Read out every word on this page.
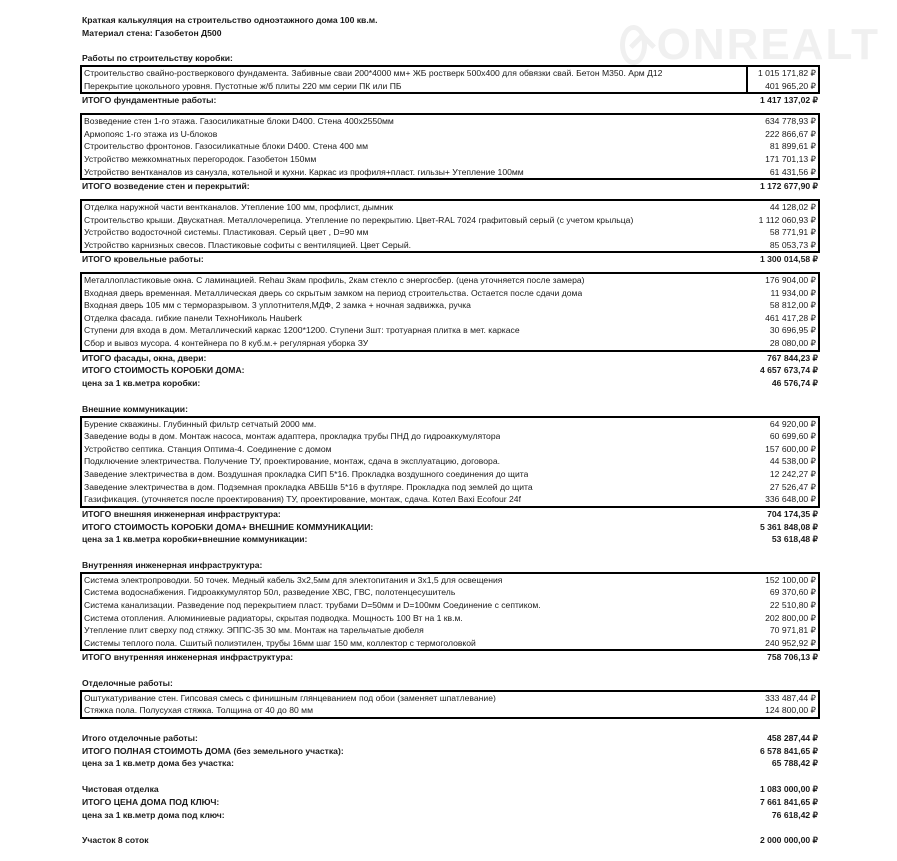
ONREALT
Краткая калькуляция на строительство одноэтажного дома 100 кв.м.
Материал стена: Газобетон Д500
Работы по строительству коробки:
Строительство свайно-ростверкового фундамента. Забивные сваи 200*4000 мм+ ЖБ ростверк 500х400 для обвязки свай. Бетон М350. Арм Д12	1 015 171,82 ₽
Перекрытие цокольного уровня. Пустотные ж/б плиты 220 мм серии ПК или ПБ	401 965,20 ₽
ИТОГО фундаментные работы:	1 417 137,02 ₽
Возведение стен 1-го этажа. Газосиликатные блоки D400. Стена 400х2550мм	634 778,93 ₽
Армопояс 1-го этажа из U-блоков	222 866,67 ₽
Строительство фронтонов. Газосиликатные блоки D400. Стена 400 мм	81 899,61 ₽
Устройство межкомнатных перегородок. Газобетон 150мм	171 701,13 ₽
Устройство вентканалов из санузла, котельной и кухни. Каркас из профиля+пласт. гильзы+ Утепление 100мм	61 431,56 ₽
ИТОГО возведение стен и перекрытий:	1 172 677,90 ₽
Отделка наружной части вентканалов. Утепление 100 мм, профлист, дымник	44 128,02 ₽
Строительство крыши. Двускатная. Металлочерепица. Утепление по перекрытию. Цвет-RAL 7024 графитовый серый (с учетом крыльца)	1 112 060,93 ₽
Устройство водосточной системы. Пластиковая. Серый цвет , D=90 мм	58 771,91 ₽
Устройство карнизных свесов. Пластиковые софиты с вентиляцией. Цвет Серый.	85 053,73 ₽
ИТОГО кровельные работы:	1 300 014,58 ₽
Металлопластиковые окна. С ламинацией. Rehau 3кам профиль, 2кам стекло с энергосбер. (цена уточняется после замера)	176 904,00 ₽
Входная дверь временная. Металлическая дверь со скрытым замком на период строительства. Остается после сдачи дома	11 934,00 ₽
Входная дверь 105 мм с терморазрывом. 3 уплотнителя,МДФ, 2 замка + ночная задвижка, ручка	58 812,00 ₽
Отделка фасада. гибкие панели ТехноНиколь Hauberk	461 417,28 ₽
Ступени для входа в дом. Металлический каркас 1200*1200. Ступени 3шт: тротуарная плитка в мет. каркасе	30 696,95 ₽
Сбор и вывоз мусора. 4 контейнера по 8 куб.м.+ регулярная уборка ЗУ	28 080,00 ₽
ИТОГО фасады, окна, двери:	767 844,23 ₽
ИТОГО СТОИМОСТЬ КОРОБКИ ДОМА:	4 657 673,74 ₽
цена за 1 кв.метра коробки:	46 576,74 ₽
Внешние коммуникации:
Бурение скважины. Глубинный фильтр сетчатый 2000 мм.	64 920,00 ₽
Заведение воды в дом. Монтаж насоса, монтаж адаптера, прокладка трубы ПНД до гидроаккумулятора	60 699,60 ₽
Устройство септика. Станция Оптима-4. Соединение с домом	157 600,00 ₽
Подключение электричества. Получение ТУ, проектирование, монтаж, сдача в эксплуатацию, договора.	44 538,00 ₽
Заведение электричества в дом. Воздушная прокладка СИП 5*16. Прокладка воздушного соединения до щита	12 242,27 ₽
Заведение электричества в дом. Подземная прокладка АВБШв 5*16 в футляре. Прокладка под землей до щита	27 526,47 ₽
Газификация. (уточняется после проектирования) ТУ, проектирование, монтаж, сдача. Котел Baxi Ecofour 24f	336 648,00 ₽
ИТОГО внешняя инженерная инфраструктура:	704 174,35 ₽
ИТОГО СТОИМОСТЬ КОРОБКИ ДОМА+ ВНЕШНИЕ КОММУНИКАЦИИ:	5 361 848,08 ₽
цена за 1 кв.метра коробки+внешние коммуникации:	53 618,48 ₽
Внутренняя инженерная инфраструктура:
Система электропроводки. 50 точек. Медный кабель 3х2,5мм для электопитания и 3х1,5 для освещения	152 100,00 ₽
Система водоснабжения. Гидроаккумулятор 50л, разведение ХВС, ГВС, полотенцесушитель	69 370,60 ₽
Система канализации. Разведение под перекрытием пласт. трубами D=50мм и D=100мм Соединение с септиком.	22 510,80 ₽
Система отопления. Алюминиевые радиаторы, скрытая подводка. Мощность 100 Вт на 1 кв.м.	202 800,00 ₽
Утепление плит сверху под стяжку. ЭППС-35 30 мм. Монтаж на тарельчатые дюбеля	70 971,81 ₽
Системы теплого пола. Сшитый полиэтилен, трубы 16мм шаг 150 мм, коллектор с термоголовкой	240 952,92 ₽
ИТОГО внутренняя инженерная инфраструктура:	758 706,13 ₽
Отделочные работы:
Оштукатуривание стен. Гипсовая смесь с финишным глянцеванием под обои (заменяет шпатлевание)	333 487,44 ₽
Стяжка пола. Полусухая стяжка. Толщина от 40 до 80 мм	124 800,00 ₽
Итого отделочные работы:	458 287,44 ₽
ИТОГО ПОЛНАЯ СТОИМОТЬ ДОМА (без земельного участка):	6 578 841,65 ₽
цена за 1 кв.метр дома без участка:	65 788,42 ₽
Чистовая отделка	1 083 000,00 ₽
ИТОГО ЦЕНА ДОМА ПОД КЛЮЧ:	7 661 841,65 ₽
цена за 1 кв.метр дома под ключ:	76 618,42 ₽
Участок 8 соток	2 000 000,00 ₽
